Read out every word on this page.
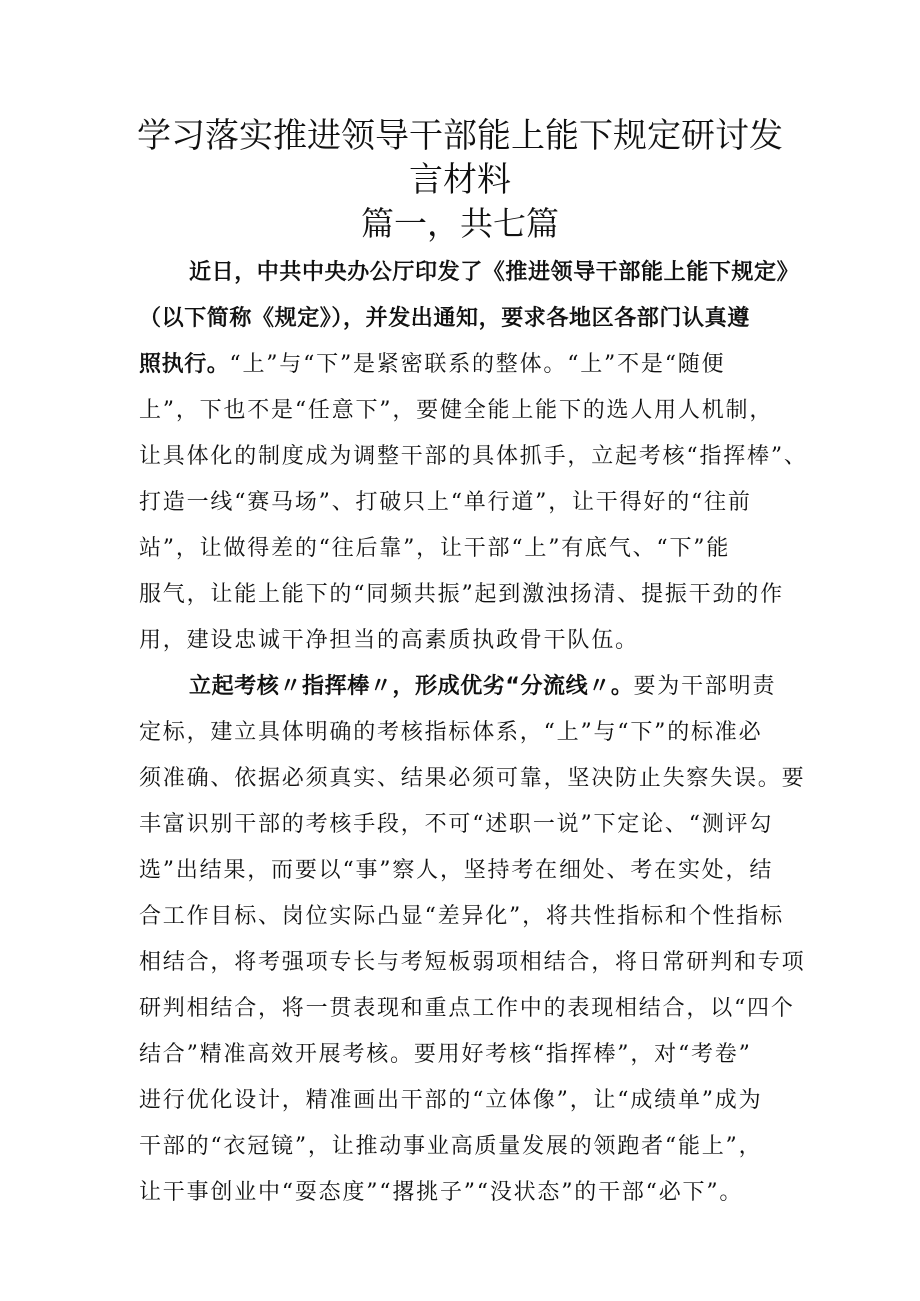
学习落实推进领导干部能上能下规定研讨发
言材料
篇一，共七篇
近日，中共中央办公厅印发了《推进领导干部能上能下规定》
（以下简称《规定》），并发出通知，要求各地区各部门认真遵
照执行。“上”与“下”是紧密联系的整体。“上”不是“随便
上”，下也不是“任意下”，要健全能上能下的选人用人机制，
让具体化的制度成为调整干部的具体抓手，立起考核“指挥棒”、
打造一线“赛马场”、打破只上“单行道”，让干得好的“往前
站”，让做得差的“往后靠”，让干部“上”有底气、“下”能
服气，让能上能下的“同频共振”起到激浊扬清、提振干劲的作
用，建设忠诚干净担当的高素质执政骨干队伍。
立起考核〃指挥棒〃，形成优劣“分流线〃。要为干部明责
定标，建立具体明确的考核指标体系，“上”与“下”的标准必
须准确、依据必须真实、结果必须可靠，坚决防止失察失误。要
丰富识别干部的考核手段，不可“述职一说”下定论、“测评勾
选”出结果，而要以“事”察人，坚持考在细处、考在实处，结
合工作目标、岗位实际凸显“差异化”，将共性指标和个性指标
相结合，将考强项专长与考短板弱项相结合，将日常研判和专项
研判相结合，将一贯表现和重点工作中的表现相结合，以“四个
结合”精准高效开展考核。要用好考核“指挥棒”，对“考卷”
进行优化设计，精准画出干部的“立体像”，让“成绩单”成为
干部的“衣冠镜”，让推动事业高质量发展的领跑者“能上”，
让干事创业中“耍态度”“撂挑子”“没状态”的干部“必下”。
